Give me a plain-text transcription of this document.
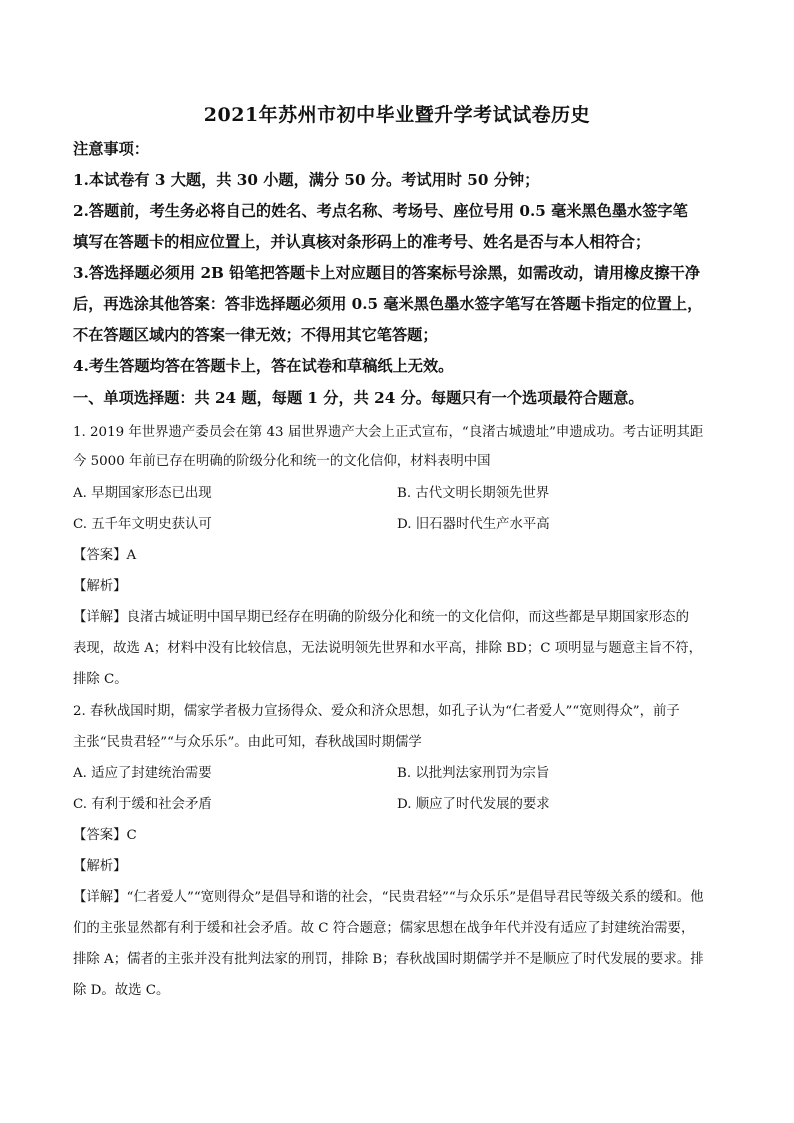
2021年苏州市初中毕业暨升学考试试卷历史
注意事项：
1.本试卷有 3 大题，共 30 小题，满分 50 分。考试用时 50 分钟；
2.答题前，考生务必将自己的姓名、考点名称、考场号、座位号用 0.5 毫米黑色墨水签字笔
填写在答题卡的相应位置上，并认真核对条形码上的准考号、姓名是否与本人相符合；
3.答选择题必须用 2B 铅笔把答题卡上对应题目的答案标号涂黑，如需改动，请用橡皮擦干净
后，再选涂其他答案：答非选择题必须用 0.5 毫米黑色墨水签字笔写在答题卡指定的位置上，
不在答题区域内的答案一律无效；不得用其它笔答题；
4.考生答题均答在答题卡上，答在试卷和草稿纸上无效。
一、单项选择题：共 24 题，每题 1 分，共 24 分。每题只有一个选项最符合题意。
1. 2019 年世界遗产委员会在第 43 届世界遗产大会上正式宣布，“良渚古城遗址”申遗成功。考古证明其距
今 5000 年前已存在明确的阶级分化和统一的文化信仰，材料表明中国
A. 早期国家形态已出现	B. 古代文明长期领先世界
C. 五千年文明史获认可	D. 旧石器时代生产水平高
【答案】A
【解析】
【详解】良渚古城证明中国早期已经存在明确的阶级分化和统一的文化信仰，而这些都是早期国家形态的
表现，故选 A；材料中没有比较信息，无法说明领先世界和水平高，排除 BD；C 项明显与题意主旨不符，
排除 C。
2. 春秋战国时期，儒家学者极力宣扬得众、爱众和济众思想，如孔子认为“仁者爱人”“宽则得众”，前子
主张“民贵君轻”“与众乐乐”。由此可知，春秋战国时期儒学
A. 适应了封建统治需要	B. 以批判法家刑罚为宗旨
C. 有利于缓和社会矛盾	D. 顺应了时代发展的要求
【答案】C
【解析】
【详解】“仁者爱人”“宽则得众”是倡导和谐的社会，“民贵君轻”“与众乐乐”是倡导君民等级关系的缓和。他
们的主张显然都有利于缓和社会矛盾。故 C 符合题意；儒家思想在战争年代并没有适应了封建统治需要，
排除 A；儒者的主张并没有批判法家的刑罚，排除 B；春秋战国时期儒学并不是顺应了时代发展的要求。排
除 D。故选 C。
